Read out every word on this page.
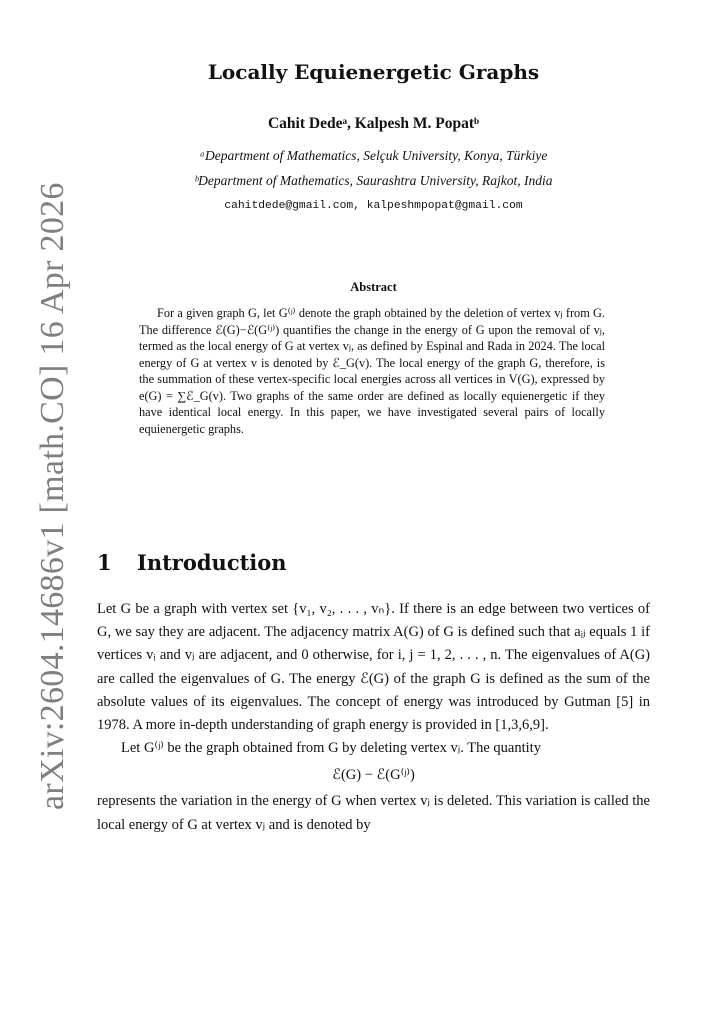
arXiv:2604.14686v1 [math.CO] 16 Apr 2026
Locally Equienergetic Graphs
Cahit Dedeᵃ, Kalpesh M. Popatᵇ
ᵃDepartment of Mathematics, Selçuk University, Konya, Türkiye
ᵇDepartment of Mathematics, Saurashtra University, Rajkot, India
cahitdede@gmail.com, kalpeshmpopat@gmail.com
Abstract
For a given graph G, let G⁽ʲ⁾ denote the graph obtained by the deletion of vertex vⱼ from G. The difference ℰ(G)−ℰ(G⁽ʲ⁾) quantifies the change in the energy of G upon the removal of vⱼ, termed as the local energy of G at vertex vⱼ, as defined by Espinal and Rada in 2024. The local energy of G at vertex v is denoted by ℰ_G(v). The local energy of the graph G, therefore, is the summation of these vertex-specific local energies across all vertices in V(G), expressed by e(G) = ∑ℰ_G(v). Two graphs of the same order are defined as locally equienergetic if they have identical local energy. In this paper, we have investigated several pairs of locally equienergetic graphs.
1 Introduction

Let G be a graph with vertex set {v₁, v₂, . . . , vₙ}. If there is an edge between two vertices of G, we say they are adjacent. The adjacency matrix A(G) of G is defined such that aᵢⱼ equals 1 if vertices vᵢ and vⱼ are adjacent, and 0 otherwise, for i, j = 1, 2, . . . , n. The eigenvalues of A(G) are called the eigenvalues of G. The energy ℰ(G) of the graph G is defined as the sum of the absolute values of its eigenvalues. The concept of energy was introduced by Gutman [5] in 1978. A more in-depth understanding of graph energy is provided in [1,3,6,9].

Let G⁽ʲ⁾ be the graph obtained from G by deleting vertex vⱼ. The quantity

ℰ(G) − ℰ(G⁽ʲ⁾)

represents the variation in the energy of G when vertex vⱼ is deleted. This variation is called the local energy of G at vertex vⱼ and is denoted by
